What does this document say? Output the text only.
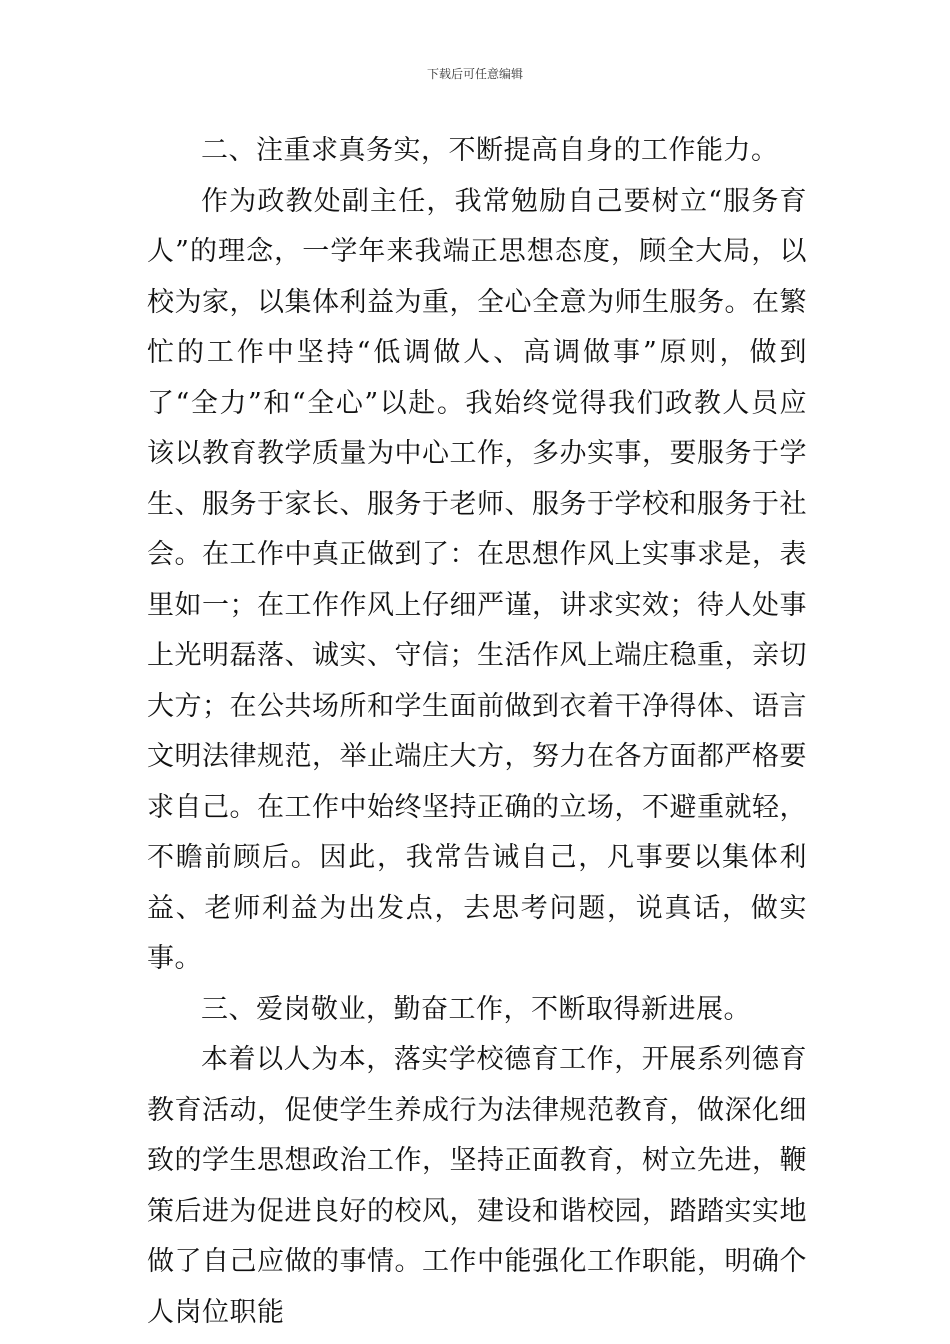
下载后可任意编辑

二、注重求真务实，不断提高自身的工作能力。

作为政教处副主任，我常勉励自己要树立“服务育人”的理念，一学年来我端正思想态度，顾全大局，以校为家，以集体利益为重，全心全意为师生服务。在繁忙的工作中坚持“低调做人、高调做事”原则，做到了“全力”和“全心”以赴。我始终觉得我们政教人员应该以教育教学质量为中心工作，多办实事，要服务于学生、服务于家长、服务于老师、服务于学校和服务于社会。在工作中真正做到了：在思想作风上实事求是，表里如一；在工作作风上仔细严谨，讲求实效；待人处事上光明磊落、诚实、守信；生活作风上端庄稳重，亲切大方；在公共场所和学生面前做到衣着干净得体、语言文明法律规范，举止端庄大方，努力在各方面都严格要求自己。在工作中始终坚持正确的立场，不避重就轻，不瞻前顾后。因此，我常告诫自己，凡事要以集体利益、老师利益为出发点，去思考问题，说真话，做实事。

三、爱岗敬业，勤奋工作，不断取得新进展。

本着以人为本，落实学校德育工作，开展系列德育教育活动，促使学生养成行为法律规范教育，做深化细致的学生思想政治工作，坚持正面教育，树立先进，鞭策后进为促进良好的校风，建设和谐校园，踏踏实实地做了自己应做的事情。工作中能强化工作职能，明确个人岗位职能
